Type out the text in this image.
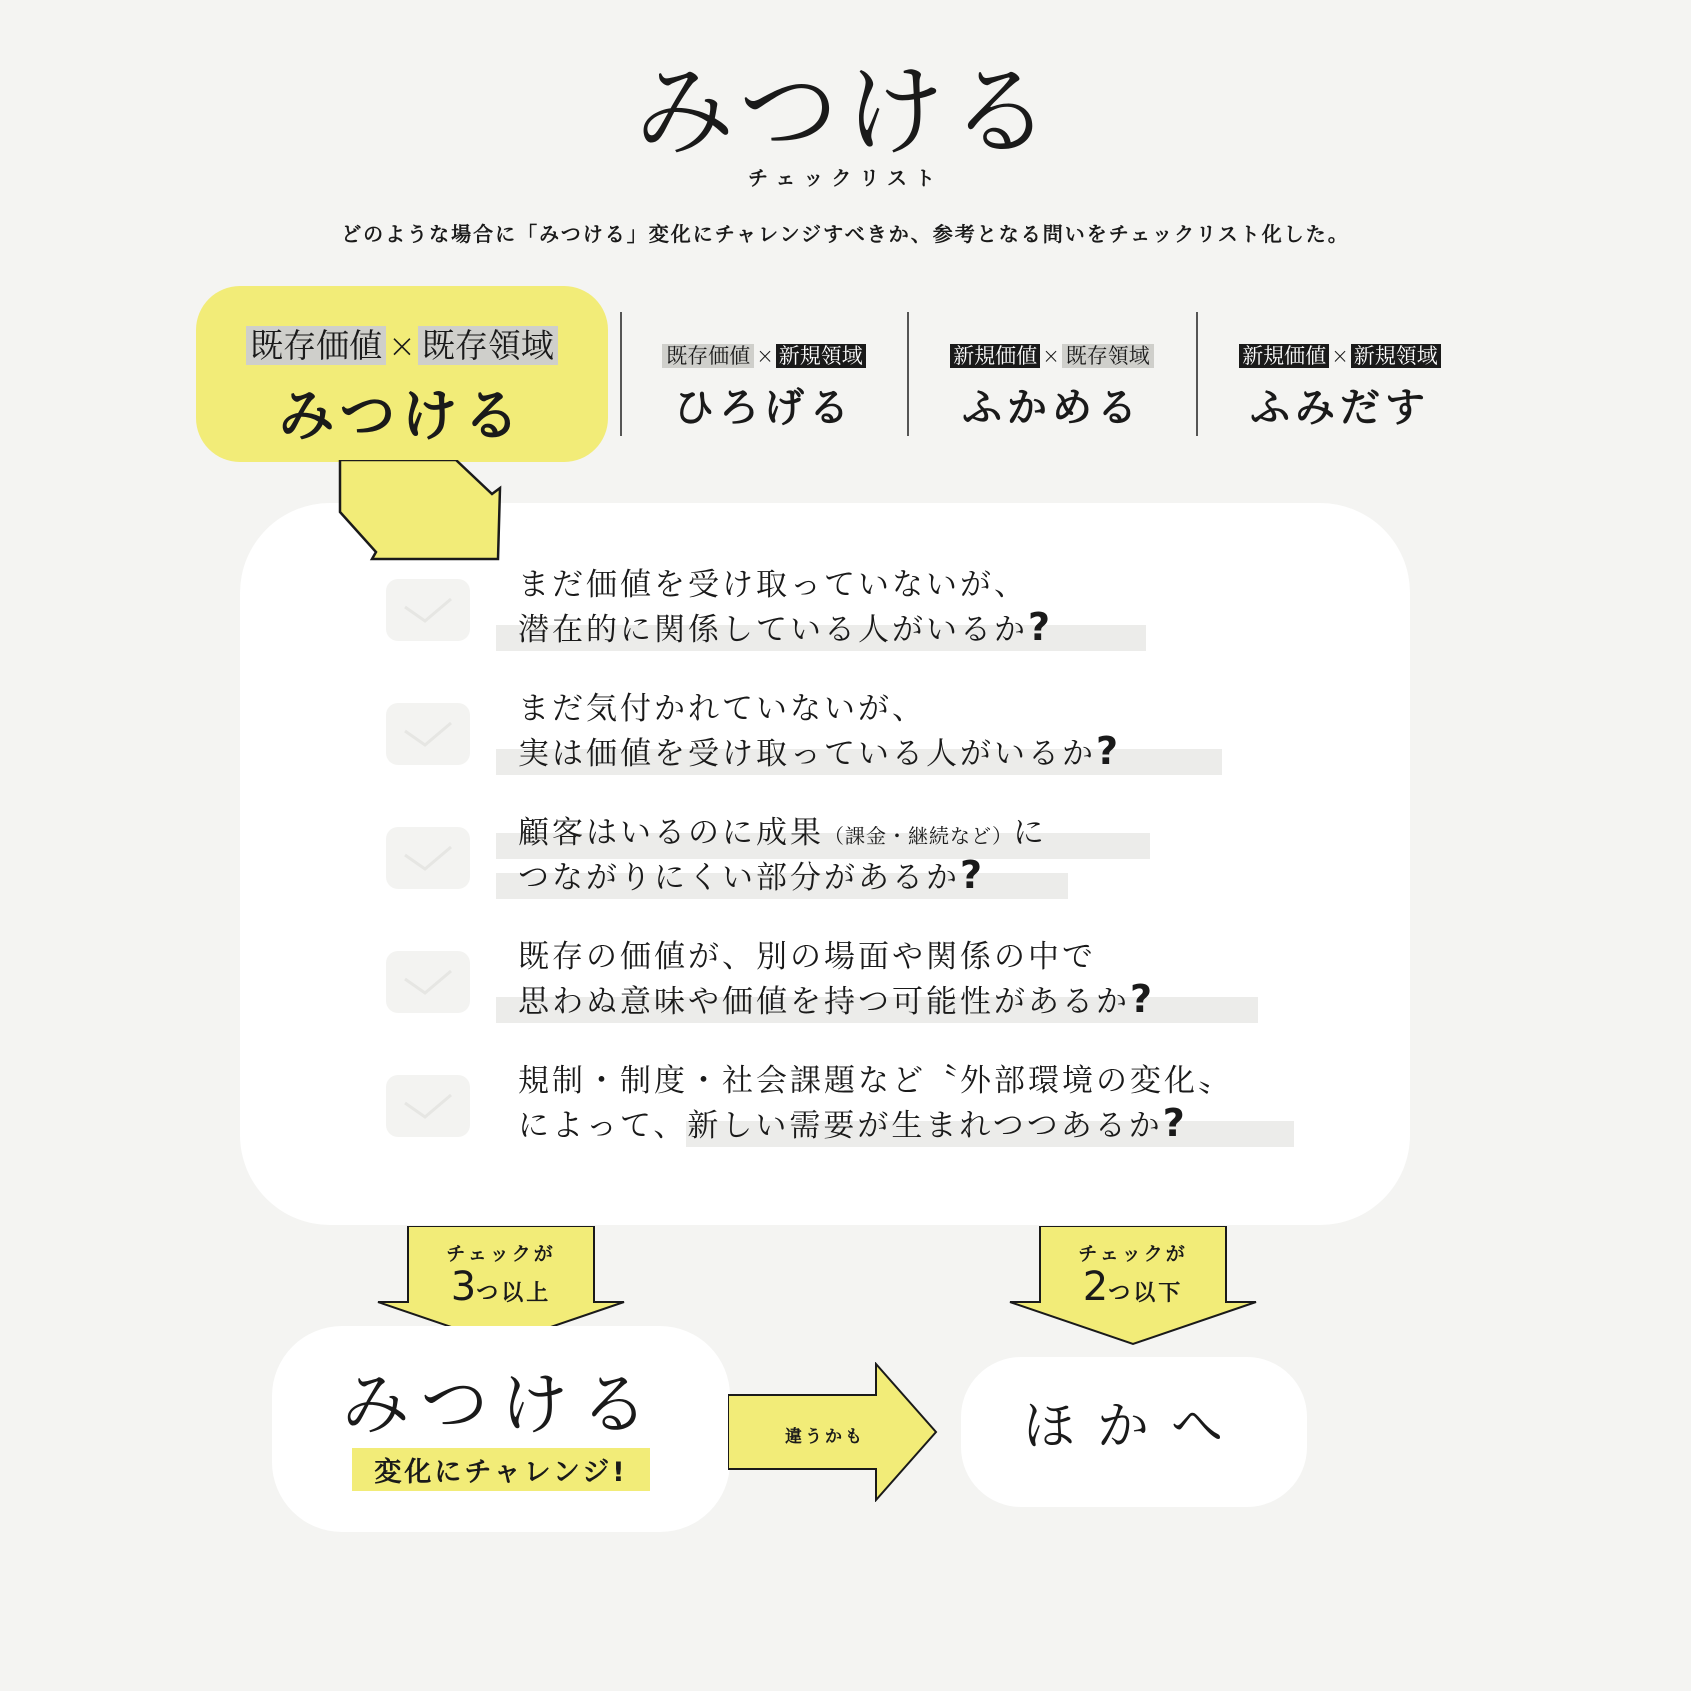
みつける
チェックリスト
どのような場合に「みつける」変化にチャレンジすべきか、参考となる問いをチェックリスト化した。
既存価値 × 既存領域
みつける
既存価値 × 新規領域
ひろげる
新規価値 × 既存領域
ふかめる
新規価値 × 新規領域
ふみだす
まだ価値を受け取っていないが、
潜在的に関係している人がいるか?
まだ気付かれていないが、
実は価値を受け取っている人がいるか?
顧客はいるのに成果（課金・継続など）に
つながりにくい部分があるか?
既存の価値が、別の場面や関係の中で
思わぬ意味や価値を持つ可能性があるか?
規制・制度・社会課題など〝外部環境の変化〟
によって、新しい需要が生まれつつあるか?
チェックが
3つ以上
チェックが
2つ以下
みつける
変化にチャレンジ!
違うかも	ほかへ
